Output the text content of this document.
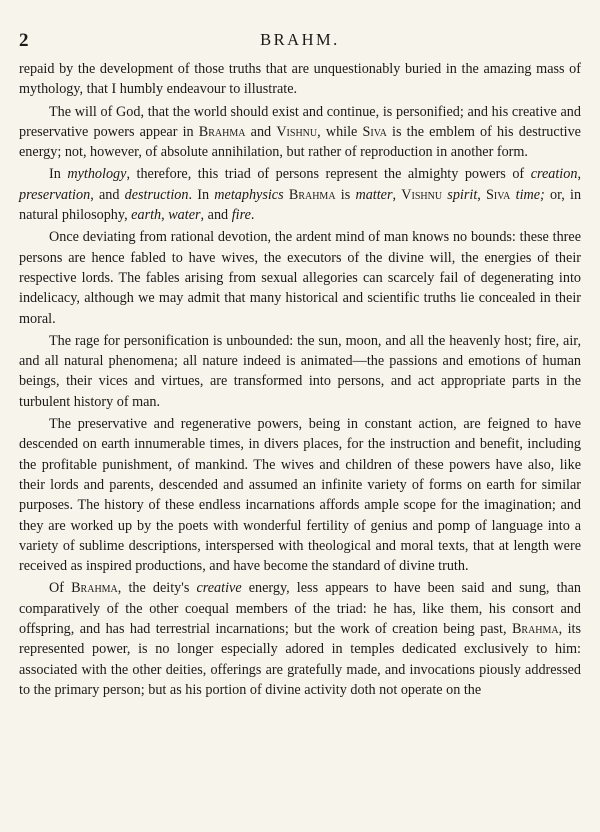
2	BRAHM.

repaid by the development of those truths that are unquestionably buried in the amazing mass of mythology, that I humbly endeavour to illustrate.

The will of God, that the world should exist and continue, is personified; and his creative and preservative powers appear in Brahma and Vishnu, while Siva is the emblem of his destructive energy; not, however, of absolute annihilation, but rather of reproduction in another form.

In mythology, therefore, this triad of persons represent the almighty powers of creation, preservation, and destruction. In metaphysics Brahma is matter, Vishnu spirit, Siva time; or, in natural philosophy, earth, water, and fire.

Once deviating from rational devotion, the ardent mind of man knows no bounds: these three persons are hence fabled to have wives, the executors of the divine will, the energies of their respective lords. The fables arising from sexual allegories can scarcely fail of degenerating into indelicacy, although we may admit that many historical and scientific truths lie concealed in their moral.

The rage for personification is unbounded: the sun, moon, and all the heavenly host; fire, air, and all natural phenomena; all nature indeed is animated—the passions and emotions of human beings, their vices and virtues, are transformed into persons, and act appropriate parts in the turbulent history of man.

The preservative and regenerative powers, being in constant action, are feigned to have descended on earth innumerable times, in divers places, for the instruction and benefit, including the profitable punishment, of mankind. The wives and children of these powers have also, like their lords and parents, descended and assumed an infinite variety of forms on earth for similar purposes. The history of these endless incarnations affords ample scope for the imagination; and they are worked up by the poets with wonderful fertility of genius and pomp of language into a variety of sublime descriptions, interspersed with theological and moral texts, that at length were received as inspired productions, and have become the standard of divine truth.

Of Brahma, the deity's creative energy, less appears to have been said and sung, than comparatively of the other coequal members of the triad: he has, like them, his consort and offspring, and has had terrestrial incarnations; but the work of creation being past, Brahma, its represented power, is no longer especially adored in temples dedicated exclusively to him: associated with the other deities, offerings are gratefully made, and invocations piously addressed to the primary person; but as his portion of divine activity doth not operate on the
